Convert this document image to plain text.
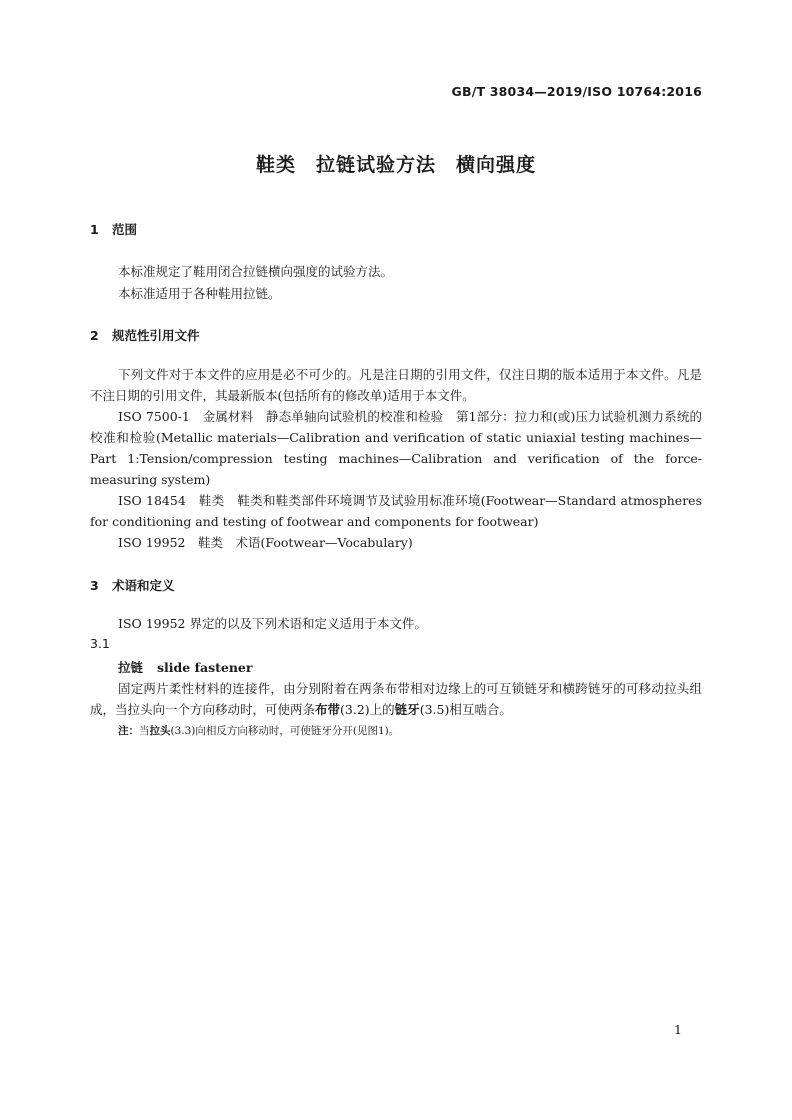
GB/T 38034—2019/ISO 10764:2016
鞋类　拉链试验方法　横向强度
1 范围
本标准规定了鞋用闭合拉链横向强度的试验方法。
本标准适用于各种鞋用拉链。
2 规范性引用文件
下列文件对于本文件的应用是必不可少的。凡是注日期的引用文件，仅注日期的版本适用于本文件。凡是不注日期的引用文件，其最新版本(包括所有的修改单)适用于本文件。
ISO 7500-1　金属材料　静态单轴向试验机的校准和检验　第1部分：拉力和(或)压力试验机测力系统的校准和检验(Metallic materials—Calibration and verification of static uniaxial testing machines—Part 1:Tension/compression testing machines—Calibration and verification of the force-measuring system)
ISO 18454　鞋类　鞋类和鞋类部件环境调节及试验用标准环境(Footwear—Standard atmospheres for conditioning and testing of footwear and components for footwear)
ISO 19952　鞋类　术语(Footwear—Vocabulary)
3 术语和定义
ISO 19952 界定的以及下列术语和定义适用于本文件。
3.1
拉链 slide fastener
固定两片柔性材料的连接件，由分别附着在两条布带相对边缘上的可互锁链牙和横跨链牙的可移动拉头组成，当拉头向一个方向移动时，可使两条布带(3.2)上的链牙(3.5)相互啮合。
注：当拉头(3.3)向相反方向移动时，可使链牙分开(见图1)。
1
